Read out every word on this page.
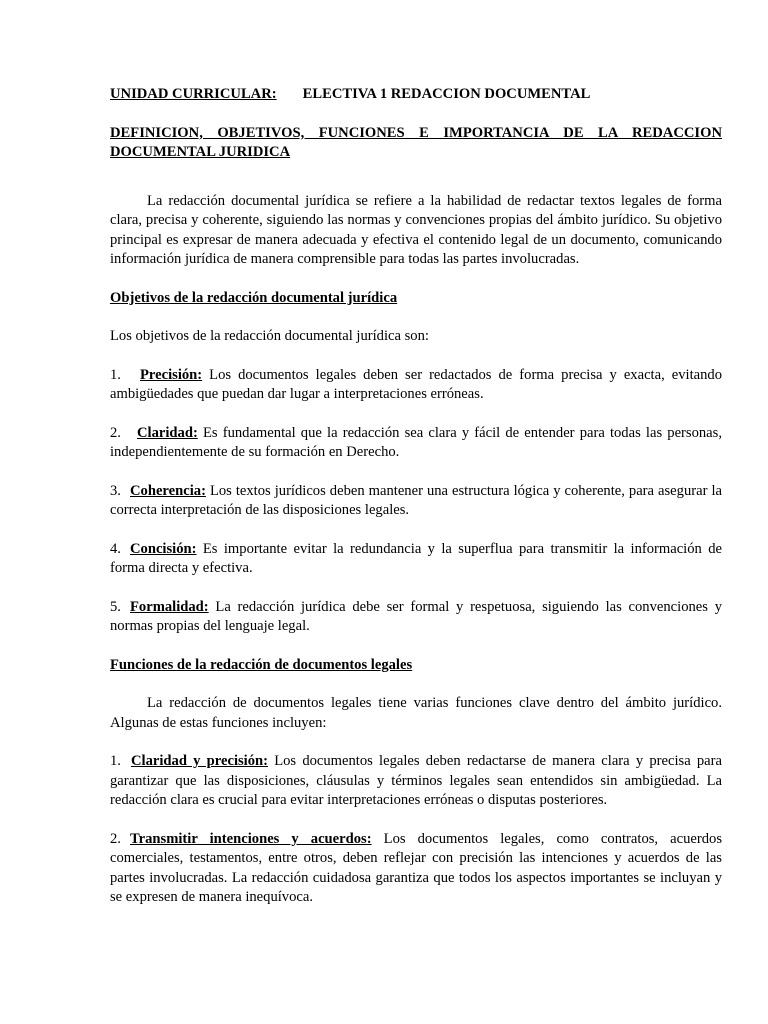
UNIDAD CURRICULAR: ELECTIVA 1 REDACCION DOCUMENTAL

DEFINICION, OBJETIVOS, FUNCIONES E IMPORTANCIA DE LA REDACCION DOCUMENTAL JURIDICA

La redacción documental jurídica se refiere a la habilidad de redactar textos legales de forma clara, precisa y coherente, siguiendo las normas y convenciones propias del ámbito jurídico. Su objetivo principal es expresar de manera adecuada y efectiva el contenido legal de un documento, comunicando información jurídica de manera comprensible para todas las partes involucradas.

Objetivos de la redacción documental jurídica

Los objetivos de la redacción documental jurídica son:

1. Precisión: Los documentos legales deben ser redactados de forma precisa y exacta, evitando ambigüedades que puedan dar lugar a interpretaciones erróneas.

2. Claridad: Es fundamental que la redacción sea clara y fácil de entender para todas las personas, independientemente de su formación en Derecho.

3. Coherencia: Los textos jurídicos deben mantener una estructura lógica y coherente, para asegurar la correcta interpretación de las disposiciones legales.

4. Concisión: Es importante evitar la redundancia y la superflua para transmitir la información de forma directa y efectiva.

5. Formalidad: La redacción jurídica debe ser formal y respetuosa, siguiendo las convenciones y normas propias del lenguaje legal.

Funciones de la redacción de documentos legales

La redacción de documentos legales tiene varias funciones clave dentro del ámbito jurídico. Algunas de estas funciones incluyen:

1. Claridad y precisión: Los documentos legales deben redactarse de manera clara y precisa para garantizar que las disposiciones, cláusulas y términos legales sean entendidos sin ambigüedad. La redacción clara es crucial para evitar interpretaciones erróneas o disputas posteriores.

2. Transmitir intenciones y acuerdos: Los documentos legales, como contratos, acuerdos comerciales, testamentos, entre otros, deben reflejar con precisión las intenciones y acuerdos de las partes involucradas. La redacción cuidadosa garantiza que todos los aspectos importantes se incluyan y se expresen de manera inequívoca.
